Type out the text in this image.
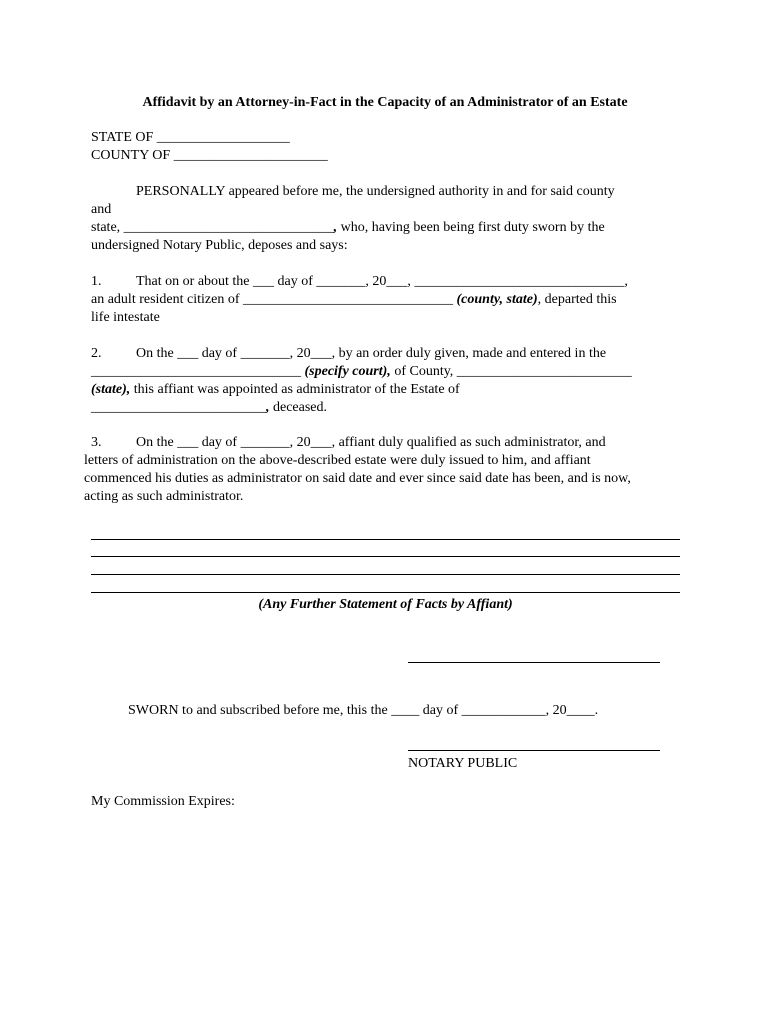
Affidavit by an Attorney-in-Fact in the Capacity of an Administrator of an Estate
STATE OF ___________________
COUNTY OF ______________________
PERSONALLY appeared before me, the undersigned authority in and for said county
and
state, ______________________________, who, having been being first duty sworn by the
undersigned Notary Public, deposes and says:
1. That on or about the ___ day of _______, 20___, ______________________________,
an adult resident citizen of ______________________________ (county, state), departed this
life intestate
2. On the ___ day of _______, 20___, by an order duly given, made and entered in the
______________________________ (specify court), of County, _________________________
(state), this affiant was appointed as administrator of the Estate of
_________________________, deceased.
3. On the ___ day of _______, 20___, affiant duly qualified as such administrator, and
letters of administration on the above-described estate were duly issued to him, and affiant
commenced his duties as administrator on said date and ever since said date has been, and is now,
acting as such administrator.
(Any Further Statement of Facts by Affiant)
SWORN to and subscribed before me, this the ____ day of ____________, 20____.
NOTARY PUBLIC
My Commission Expires:
